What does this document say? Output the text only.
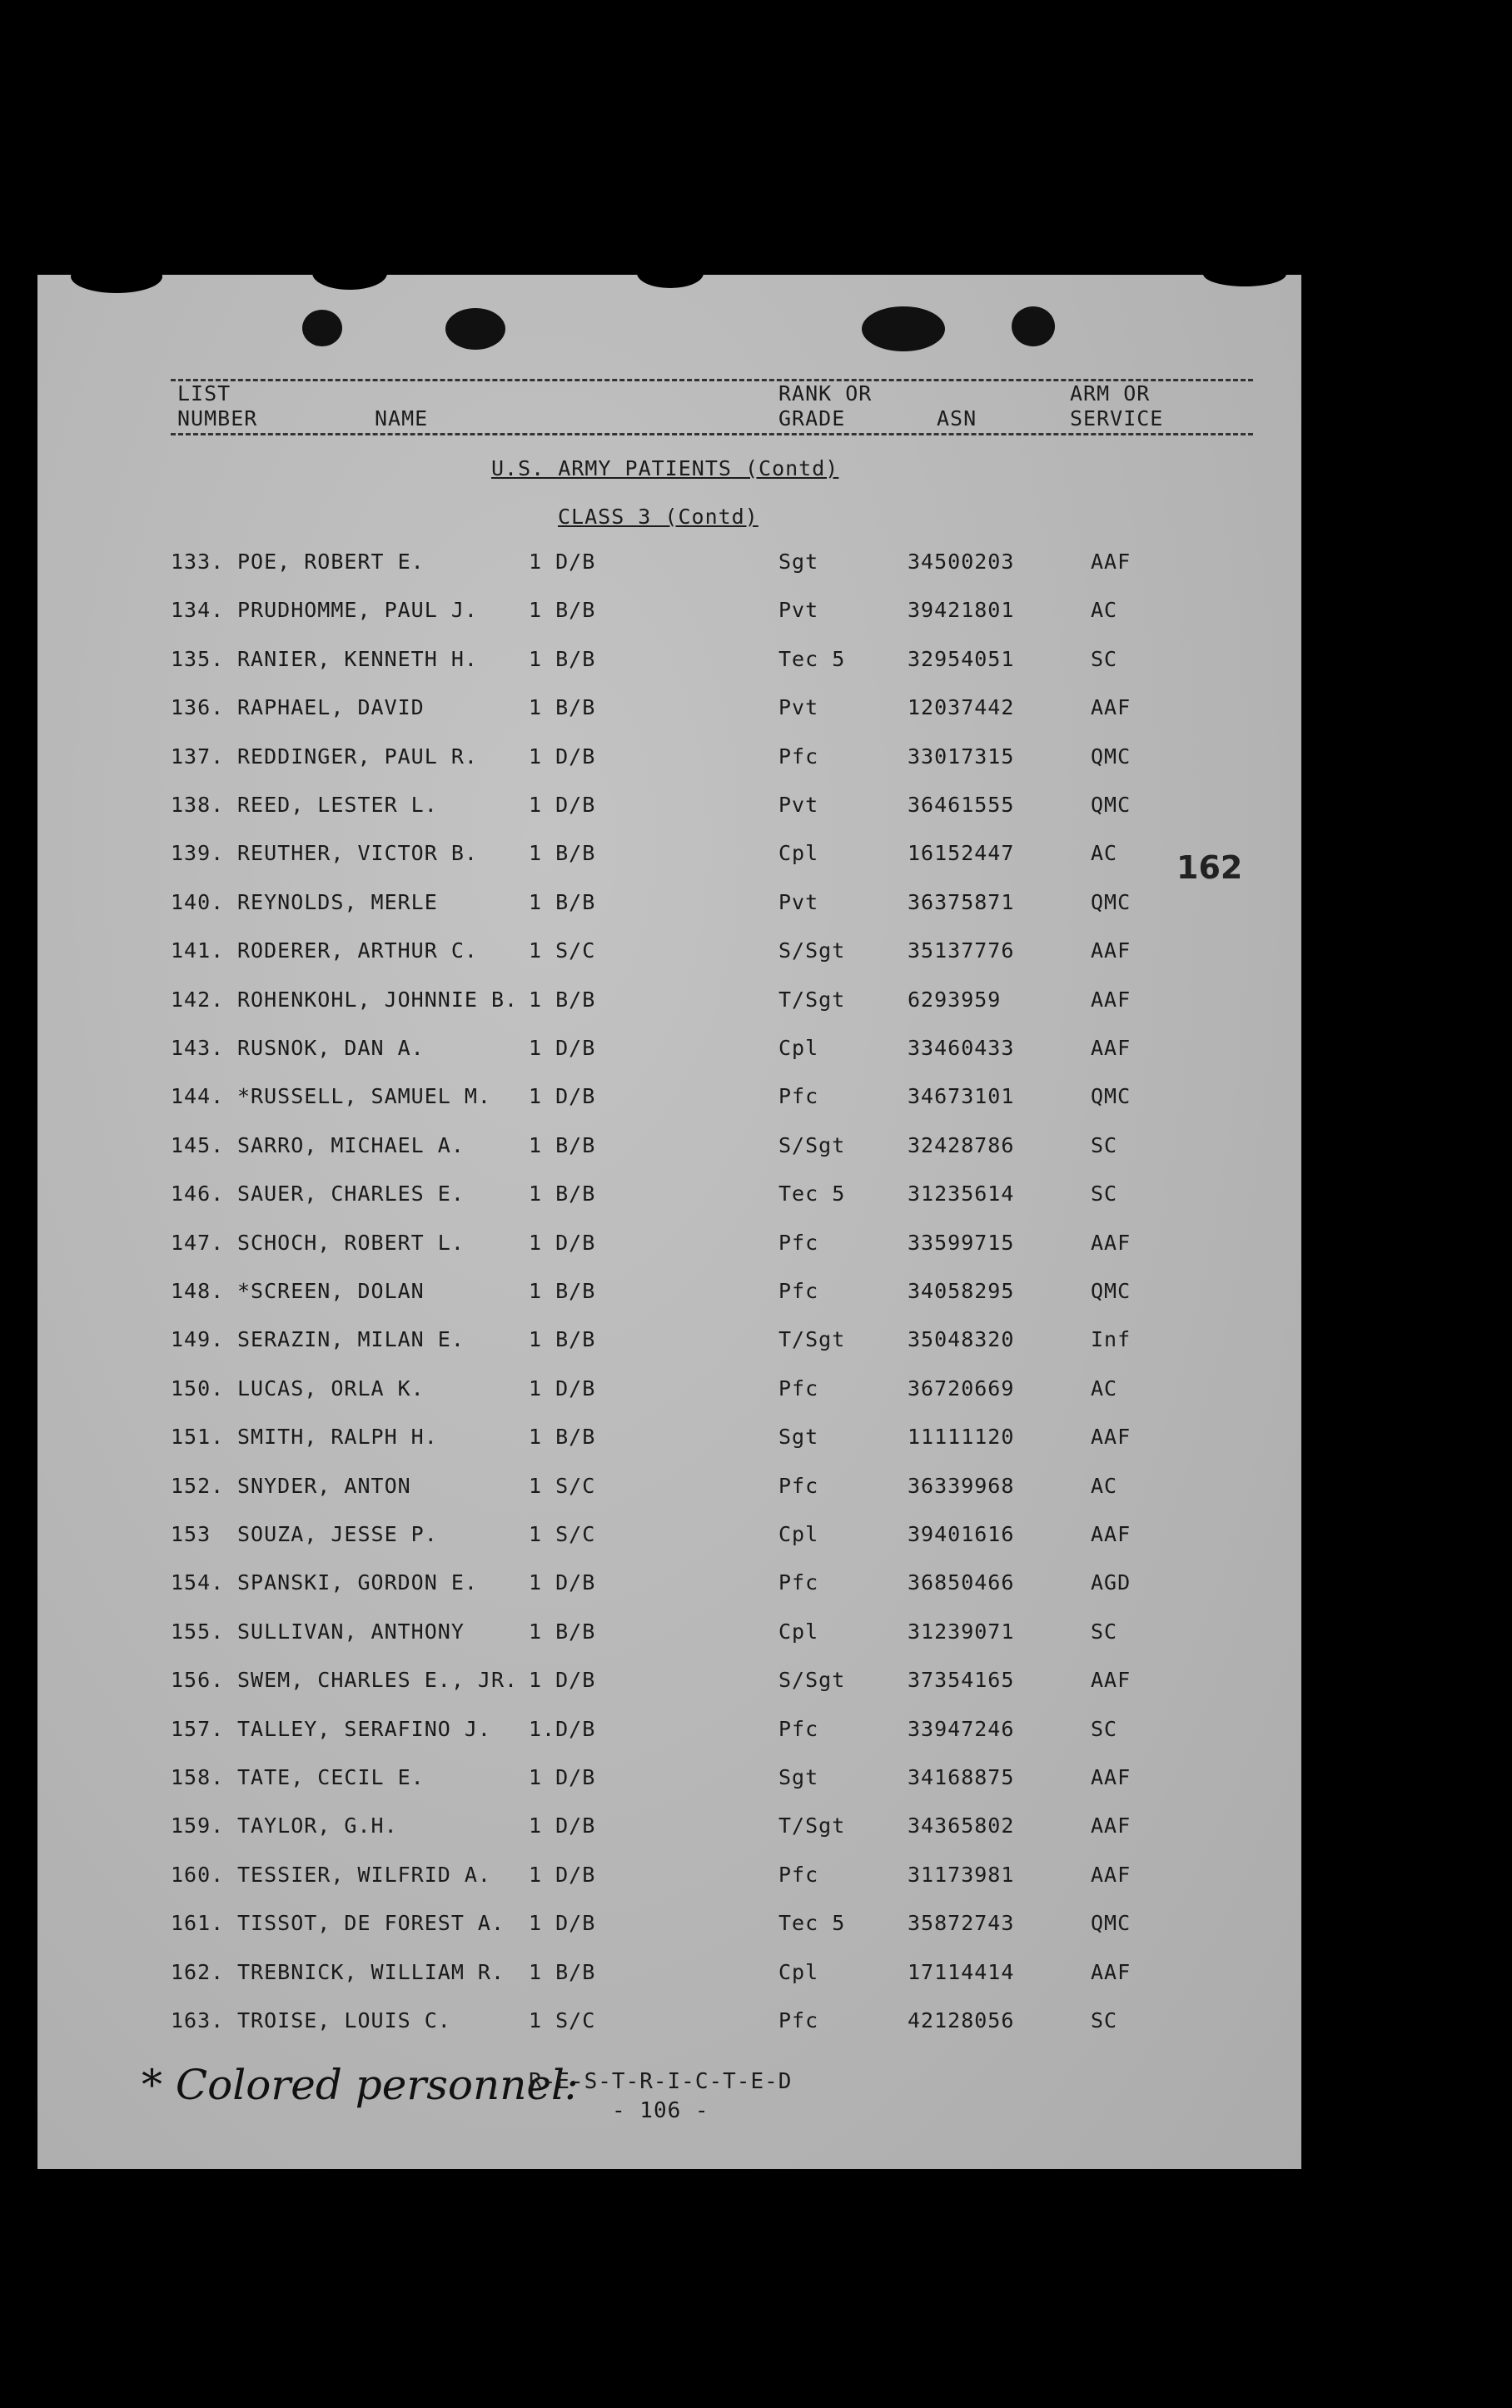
LIST
NUMBER	NAME
RANK OR
GRADE	ASN
ARM OR
SERVICE
U.S. ARMY PATIENTS (Contd)
CLASS 3 (Contd)
162
133. POE, ROBERT E.	1 D/B	Sgt	34500203	AAF
134. PRUDHOMME, PAUL J. 1 B/B	Pvt	39421801	AC
135. RANIER, KENNETH H. 1 B/B	Tec 5	32954051	SC
136. RAPHAEL, DAVID	1 B/B	Pvt	12037442	AAF
137. REDDINGER, PAUL R. 1 D/B	Pfc	33017315	QMC
138. REED, LESTER L.	1 D/B	Pvt	36461555	QMC
139. REUTHER, VICTOR B. 1 B/B	Cpl	16152447	AC
140. REYNOLDS, MERLE	1 B/B	Pvt	36375871	QMC
141. RODERER, ARTHUR C. 1 S/C	S/Sgt	35137776	AAF
142. ROHENKOHL, JOHNNIE B. 1 B/B	T/Sgt	6293959	AAF
143. RUSNOK, DAN A.	1 D/B	Cpl	33460433	AAF
144. *RUSSELL, SAMUEL M. 1 D/B	Pfc	34673101	QMC
145. SARRO, MICHAEL A.	1 B/B	S/Sgt	32428786	SC
146. SAUER, CHARLES E.	1 B/B	Tec 5	31235614	SC
147. SCHOCH, ROBERT L.	1 D/B	Pfc	33599715	AAF
148. *SCREEN, DOLAN	1 B/B	Pfc	34058295	QMC
149. SERAZIN, MILAN E.	1 B/B	T/Sgt	35048320	Inf
150. LUCAS, ORLA K.	1 D/B	Pfc	36720669	AC
151. SMITH, RALPH H.	1 B/B	Sgt	11111120	AAF
152. SNYDER, ANTON	1 S/C	Pfc	36339968	AC
153 SOUZA, JESSE P.	1 S/C	Cpl	39401616	AAF
154. SPANSKI, GORDON E. 1 D/B	Pfc	36850466	AGD
155. SULLIVAN, ANTHONY	1 B/B	Cpl	31239071	SC
156. SWEM, CHARLES E., JR. 1 D/B	S/Sgt	37354165	AAF
157. TALLEY, SERAFINO J. 1.D/B	Pfc	33947246	SC
158. TATE, CECIL E.	1 D/B	Sgt	34168875	AAF
159. TAYLOR, G.H.	1 D/B	T/Sgt	34365802	AAF
160. TESSIER, WILFRID A. 1 D/B	Pfc	31173981	AAF
161. TISSOT, DE FOREST A. 1 D/B	Tec 5	35872743	QMC
162. TREBNICK, WILLIAM R. 1 B/B	Cpl	17114414	AAF
163. TROISE, LOUIS C.	1 S/C	Pfc	42128056	SC
* Colored personnel:
R-E-S-T-R-I-C-T-E-D
- 106 -
